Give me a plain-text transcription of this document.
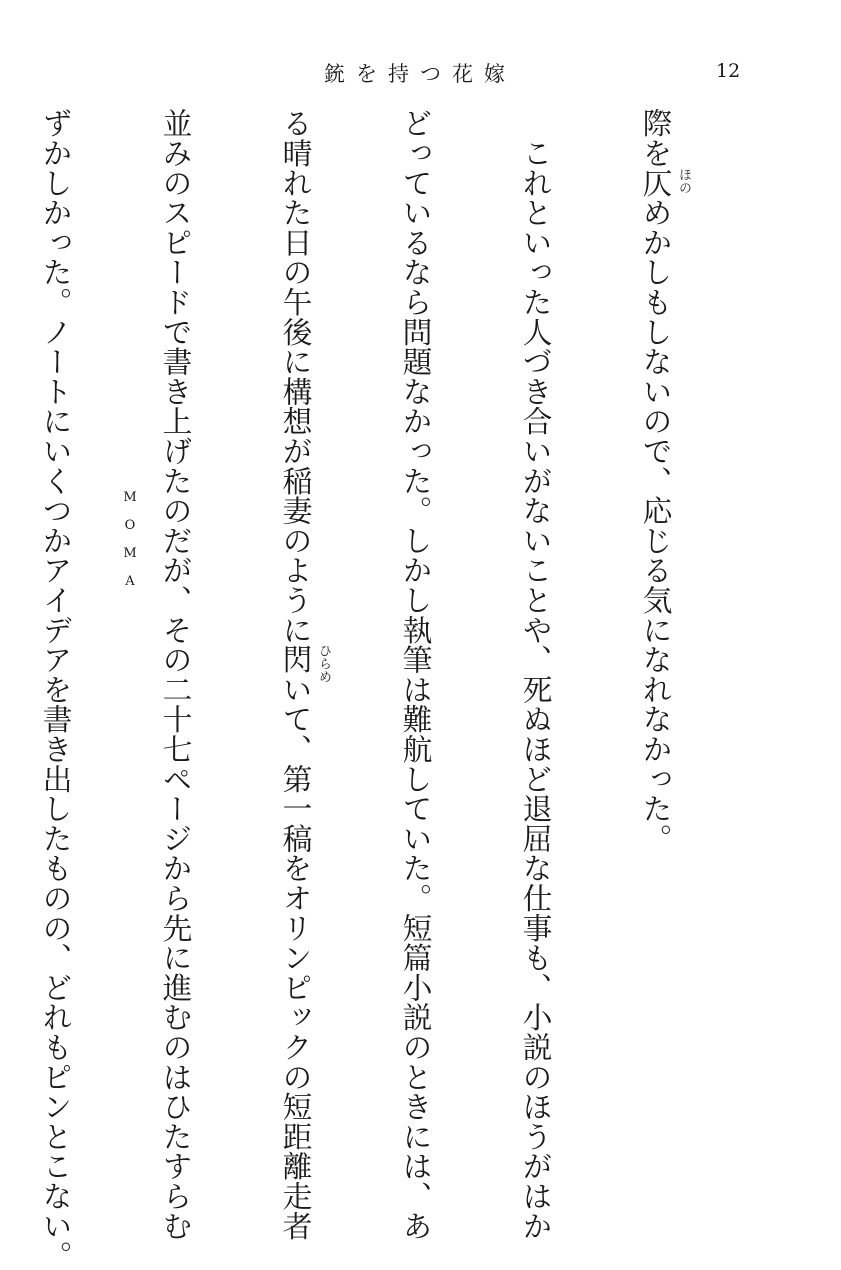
銃を持つ花嫁	12

際を仄 ほの
めかしもしないので、応じる気になれなかった。

　これといった人づき合いがないことや、死ぬほど退屈な仕事も、小説のほうがはか

どっているなら問題なかった。しかし執筆は難航していた。短篇小説のときには、あ

る晴れた日の午後に構想が稲妻のように閃 ひらめ
いて、第一稿をオリンピックの短距離走者

並みのスピードで書き上げたのだが、その二十七ページから先に進むのはひたすらむ

ずかしかった。ノートにいくつかアイデアを書き出したものの、どれもピンとこない。

	M
O
M
A
